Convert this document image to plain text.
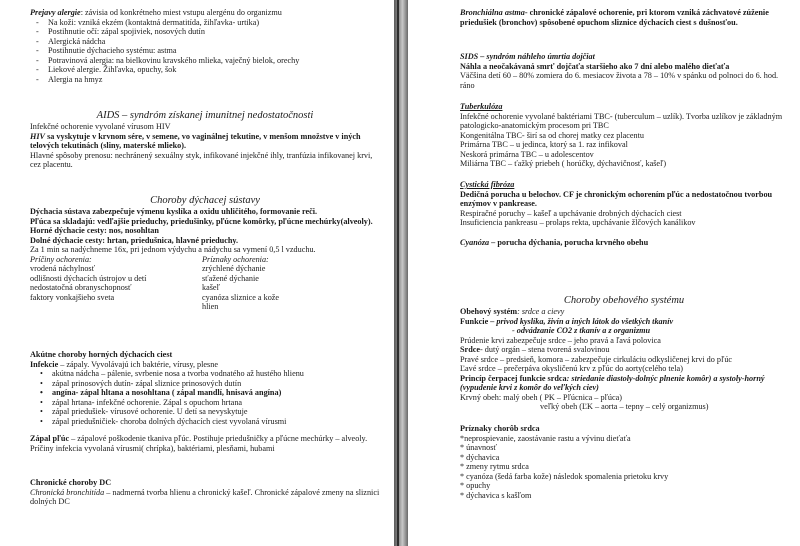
Prejavy alergie: závisia od konkrétneho miest vstupu alergénu do organizmu

- Na koži: vzniká ekzém (kontaktná dermatitída, žihľavka- urtika)
- Postihnutie očí: zápal spojiviek, nosových dutín
- Alergická nádcha
- Postihnutie dýchacieho systému: astma
- Potravinová alergia: na bielkovinu kravského mlieka, vaječný bielok, orechy
- Liekové alergie. Žihľavka, opuchy, šok
- Alergia na hmyz

AIDS – syndróm získanej imunitnej nedostatočnosti

Infekčné ochorenie vyvolané vírusom HIV

HIV sa vyskytuje v krvnom sére, v semene, vo vaginálnej tekutine, v menšom množstve v iných telových tekutinách (sliny, materské mlieko).

Hlavné spôsoby prenosu: nechránený sexuálny styk, infikované injekčné ihly, tranfúzia infikovanej krvi, cez placentu.

Choroby dýchacej sústavy

Dýchacia sústava zabezpečuje výmenu kyslíka a oxidu uhličitého, formovanie reči.

Pľúca sa skladajú: vedľajšie prieduchy, priedušinky, pľúcne komôrky, pľúcne mechúrky(alveoly).

Horné dýchacie cesty: nos, nosohltan

Dolné dýchacie cesty: hrtan, priedušnica, hlavné prieduchy.

Za 1 min sa nadýchneme 16x, pri jednom výdychu a nádychu sa vymení 0,5 l vzduchu.

Príčiny ochorenia:

vrodená náchylnosť

odlišnosti dýchacích ústrojov u detí

nedostatočná obranyschopnosť

faktory vonkajšieho sveta

Príznaky ochorenia:

zrýchlené dýchanie

sťažené dýchanie

kašeľ

cyanóza sliznice a kože

hlien

Akútne choroby horných dýchacích ciest

Infekcie – zápaly. Vyvolávajú ich baktérie, vírusy, plesne

• akútna nádcha – pálenie, svrbenie nosa a tvorba vodnatého až hustého hlienu
• zápal prinosových dutín- zápal sliznice prinosových dutín
• angína- zápal hltana a nosohltana ( zápal mandlí, hnisavá angína)
• zápal hrtana- infekčné ochorenie. Zápal s opuchom hrtana
• zápal priedušiek- vírusové ochorenie. U detí sa nevyskytuje
• zápal priedušničiek- choroba dolných dýchacích ciest vyvolaná vírusmi

Zápal pľúc – zápalové poškodenie tkaniva pľúc. Postihuje priedušničky a pľúcne mechúrky – alveoly. Príčiny infekcia vyvolaná vírusmi( chrípka), baktériami, plesňami, hubami

Chronické choroby DC

Chronická bronchitída – nadmerná tvorba hlienu a chronický kašeľ. Chronické zápalové zmeny na sliznici dolných DC

Bronchiálna astma- chronické zápalové ochorenie, pri ktorom vzniká záchvatové zúženie priedušiek (bronchov) spôsobené opuchom sliznice dýchacích ciest s dušnosťou.

SIDS – syndróm náhleho úmrtia dojčiat

Náhla a neočakávaná smrť dojčaťa staršieho ako 7 dní alebo malého dieťaťa

Väčšina detí 60 – 80% zomiera do 6. mesiacov života a 78 – 10% v spánku od polnoci do 6. hod. ráno

Tuberkulóza

Infekčné ochorenie vyvolané baktériami TBC- (tuberculum – uzlík). Tvorba uzlíkov je základným patologicko-anatomickým procesom pri TBC

Kongenitálna TBC- širí sa od chorej matky cez placentu

Primárna TBC – u jedinca, ktorý sa 1. raz infikoval

Neskorá primárna TBC – u adolescentov

Miliárna TBC – ťažký priebeh ( horúčky, dýchavičnosť, kašeľ)

Cystická fibróza

Dedičná porucha u belochov. CF je chronickým ochorením pľúc a nedostatočnou tvorbou enzýmov v pankrease.

Respiračné poruchy – kašeľ a upchávanie drobných dýchacích ciest

Insuficiencia pankreasu – prolaps rekta, upchávanie žlčových kanálikov

Cyanóza – porucha dýchania, porucha krvného obehu

Choroby obehového systému

Obehový systém: srdce a cievy

Funkcie – privod kyslíka, živín a iných látok do všetkých tkanív

- odvádzanie CO2 z tkanív a z organizmu

Prúdenie krvi zabezpečuje srdce – jeho pravá a ľavá polovica

Srdce- dutý orgán – stena tvorená svalovinou

Pravé srdce – predsieň, komora – zabezpečuje cirkuláciu odkysličenej krvi do pľúc

Ľavé srdce – prečerpáva okysličenú krv z pľúc do aorty(celého tela)

Princíp čerpacej funkcie srdca: striedanie diastoly-dolnýc plnenie komôr) a systoly-horný (vypudenie krvi z komôr do veľkých ciev)

Krvný obeh: malý obeh ( PK – Pľúcnica – pľúca)

veľký obeh (ĽK – aorta – tepny – celý organizmus)

Príznaky chorôb srdca

*neprospievanie, zaostávanie rastu a vývinu dieťaťa

* únavnosť
* dýchavica
* zmeny rytmu srdca
* cyanóza (šedá farba kože) následok spomalenia prietoku krvy
* opuchy
* dýchavica s kašľom
